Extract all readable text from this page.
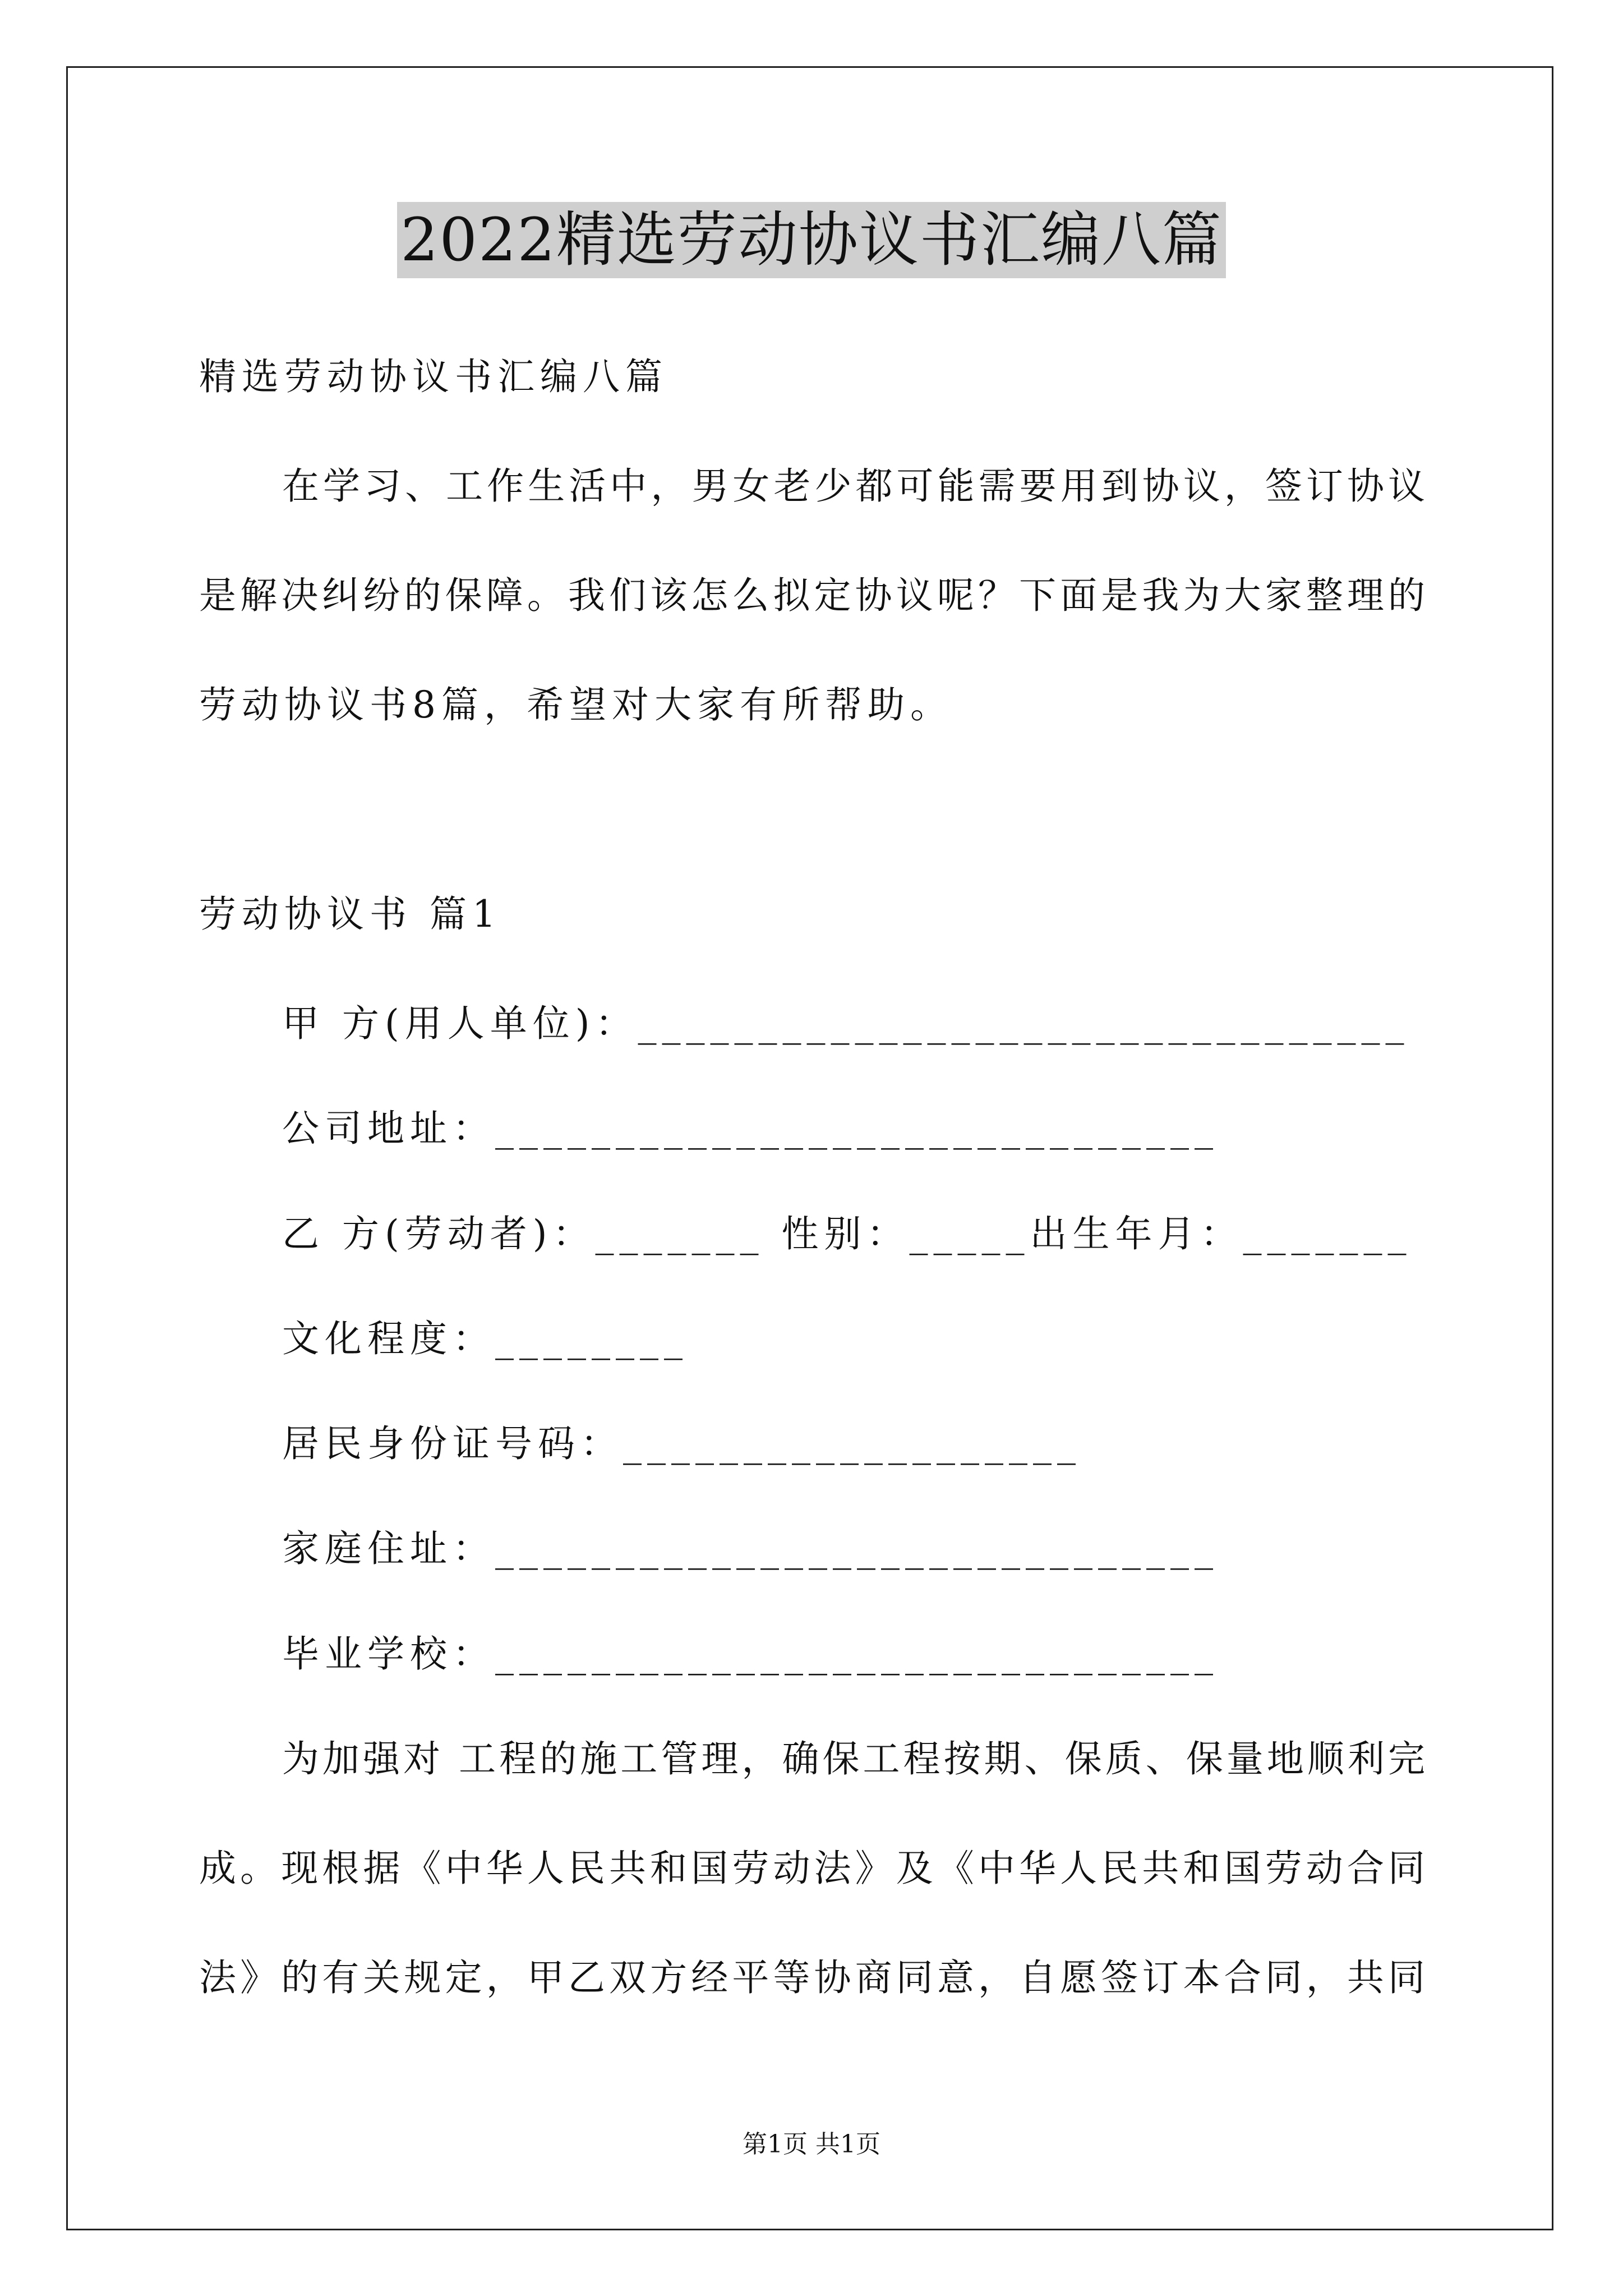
2022精选劳动协议书汇编八篇
精选劳动协议书汇编八篇
在学习、工作生活中，男女老少都可能需要用到协议，签订协议
是解决纠纷的保障。我们该怎么拟定协议呢？下面是我为大家整理的
劳动协议书8篇，希望对大家有所帮助。
劳动协议书 篇1
甲 方(用人单位)：________________________________
公司地址：______________________________
乙 方(劳动者)：_______ 性别：_____出生年月：_______
文化程度：________
居民身份证号码：___________________
家庭住址：______________________________
毕业学校：______________________________
为加强对 工程的施工管理，确保工程按期、保质、保量地顺利完
成。现根据《中华人民共和国劳动法》及《中华人民共和国劳动合同
法》的有关规定，甲乙双方经平等协商同意，自愿签订本合同，共同
第1页 共1页
